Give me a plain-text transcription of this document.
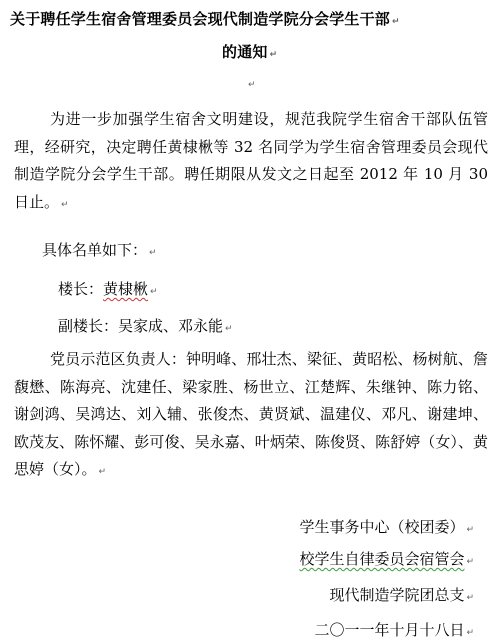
关于聘任学生宿舍管理委员会现代制造学院分会学生干部 ↵
的通知 ↵
↵
为进一步加强学生宿舍文明建设，规范我院学生宿舍干部队伍管理，经研究，决定聘任黄棣楸等 32 名同学为学生宿舍管理委员会现代制造学院分会学生干部。聘任期限从发文之日起至 2012 年 10 月 30 日止。 ↵
具体名单如下： ↵
楼长：黄棣楸 ↵
副楼长：吴家成、邓永能 ↵
党员示范区负责人：钟明峰、邢壮杰、梁征、黄昭松、杨树航、詹馥懋、陈海亮、沈建任、梁家胜、杨世立、江楚辉、朱继钟、陈力铭、谢剑鸿、吴鸿达、刘入辅、张俊杰、黄贤斌、温建仪、邓凡、谢建坤、欧茂友、陈怀耀、彭可俊、吴永嘉、叶炳荣、陈俊贤、陈舒婷（女）、黄思婷（女）。 ↵
学生事务中心（校团委） ↵
校学生自律委员会宿管会 ↵
现代制造学院团总支 ↵
二〇一一年十月十八日 ↵
